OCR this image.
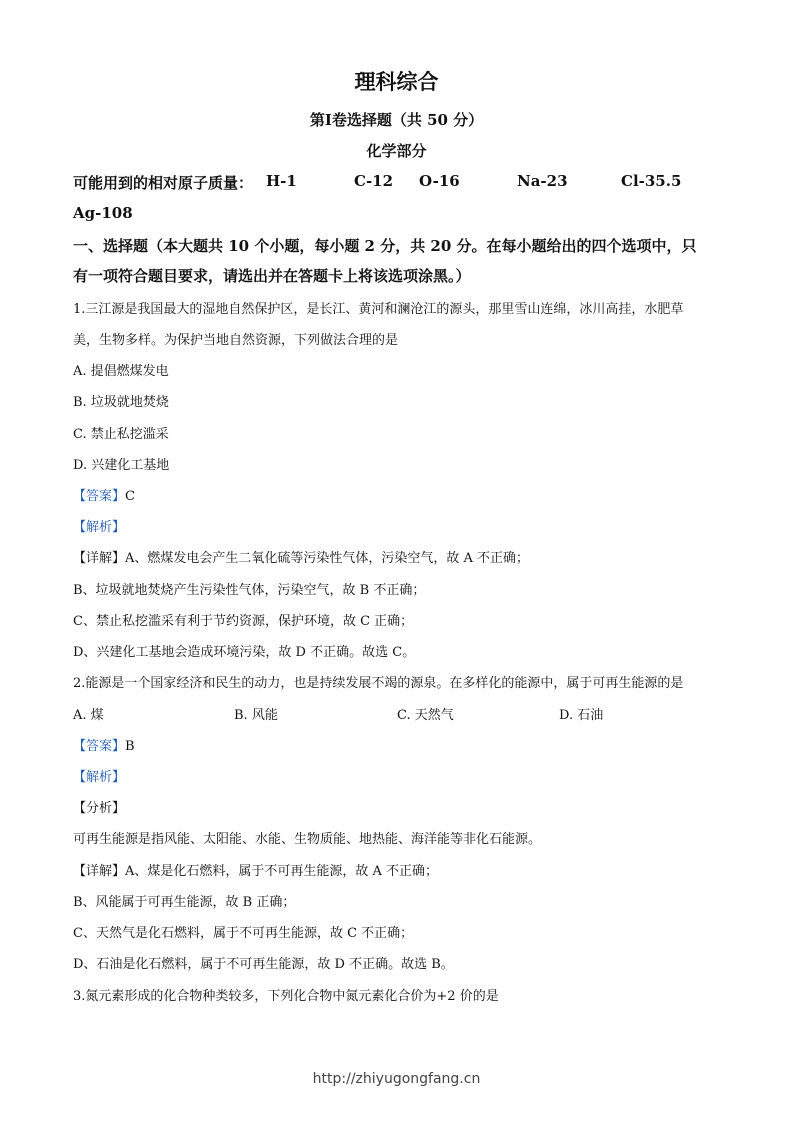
理科综合
第Ⅰ卷选择题（共 50 分）
化学部分
可能用到的相对原子质量： H-1	C-12 O-16	Na-23	Cl-35.5
Ag-108
一、选择题（本大题共 10 个小题，每小题 2 分，共 20 分。在每小题给出的四个选项中，只
有一项符合题目要求，请选出并在答题卡上将该选项涂黑。）
1.三江源是我国最大的湿地自然保护区，是长江、黄河和澜沧江的源头，那里雪山连绵，冰川高挂，水肥草
美，生物多样。为保护当地自然资源，下列做法合理的是
A. 提倡燃煤发电
B. 垃圾就地焚烧
C. 禁止私挖滥采
D. 兴建化工基地
【答案】C
【解析】
【详解】A、燃煤发电会产生二氧化硫等污染性气体，污染空气，故 A 不正确；
B、垃圾就地焚烧产生污染性气体，污染空气，故 B 不正确；
C、禁止私挖滥采有利于节约资源，保护环境，故 C 正确；
D、兴建化工基地会造成环境污染，故 D 不正确。故选 C。
2.能源是一个国家经济和民生的动力，也是持续发展不竭的源泉。在多样化的能源中，属于可再生能源的是
A. 煤	B. 风能	C. 天然气	D. 石油
【答案】B
【解析】
【分析】
可再生能源是指风能、太阳能、水能、生物质能、地热能、海洋能等非化石能源。
【详解】A、煤是化石燃料，属于不可再生能源，故 A 不正确；
B、风能属于可再生能源，故 B 正确；
C、天然气是化石燃料，属于不可再生能源，故 C 不正确；
D、石油是化石燃料，属于不可再生能源，故 D 不正确。故选 B。
3.氮元素形成的化合物种类较多，下列化合物中氮元素化合价为+2 价的是
http://zhiyugongfang.cn
